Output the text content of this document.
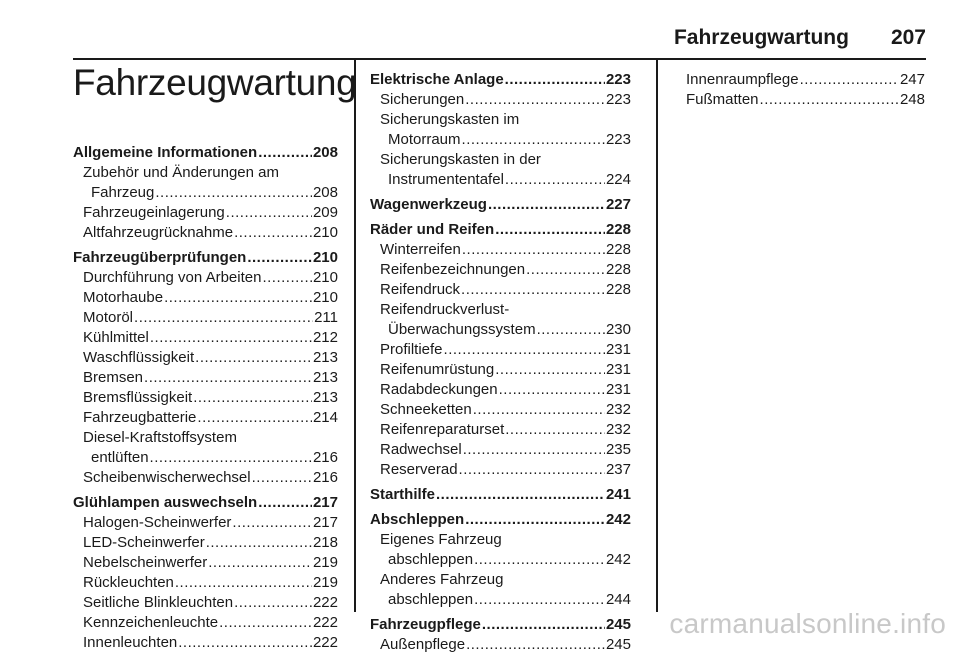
Fahrzeugwartung 207
Fahrzeugwartung
Allgemeine Informationen .....	208
Zubehör und Änderungen am
Fahrzeug .....	208
Fahrzeugeinlagerung .....	209
Altfahrzeugrücknahme .....	210
Fahrzeugüberprüfungen .....	210
Durchführung von Arbeiten .....	210
Motorhaube .....	210
Motoröl .....	211
Kühlmittel .....	212
Waschflüssigkeit .....	213
Bremsen .....	213
Bremsflüssigkeit .....	213
Fahrzeugbatterie .....	214
Diesel-Kraftstoffsystem
entlüften .....	216
Scheibenwischerwechsel .....	216
Glühlampen auswechseln .....	217
Halogen-Scheinwerfer .....	217
LED-Scheinwerfer .....	218
Nebelscheinwerfer .....	219
Rückleuchten .....	219
Seitliche Blinkleuchten .....	222
Kennzeichenleuchte .....	222
Innenleuchten .....	222
Elektrische Anlage .....	223
Sicherungen .....	223
Sicherungskasten im
Motorraum .....	223
Sicherungskasten in der
Instrumententafel .....	224
Wagenwerkzeug .....	227
Räder und Reifen .....	228
Winterreifen .....	228
Reifenbezeichnungen .....	228
Reifendruck .....	228
Reifendruckverlust-
Überwachungssystem .....	230
Profiltiefe .....	231
Reifenumrüstung .....	231
Radabdeckungen .....	231
Schneeketten .....	232
Reifenreparaturset .....	232
Radwechsel .....	235
Reserverad .....	237
Starthilfe .....	241
Abschleppen .....	242
Eigenes Fahrzeug
abschleppen .....	242
Anderes Fahrzeug
abschleppen .....	244
Fahrzeugpflege .....	245
Außenpflege .....	245
Innenraumpflege .....	247
Fußmatten .....	248
carmanualsonline.info
